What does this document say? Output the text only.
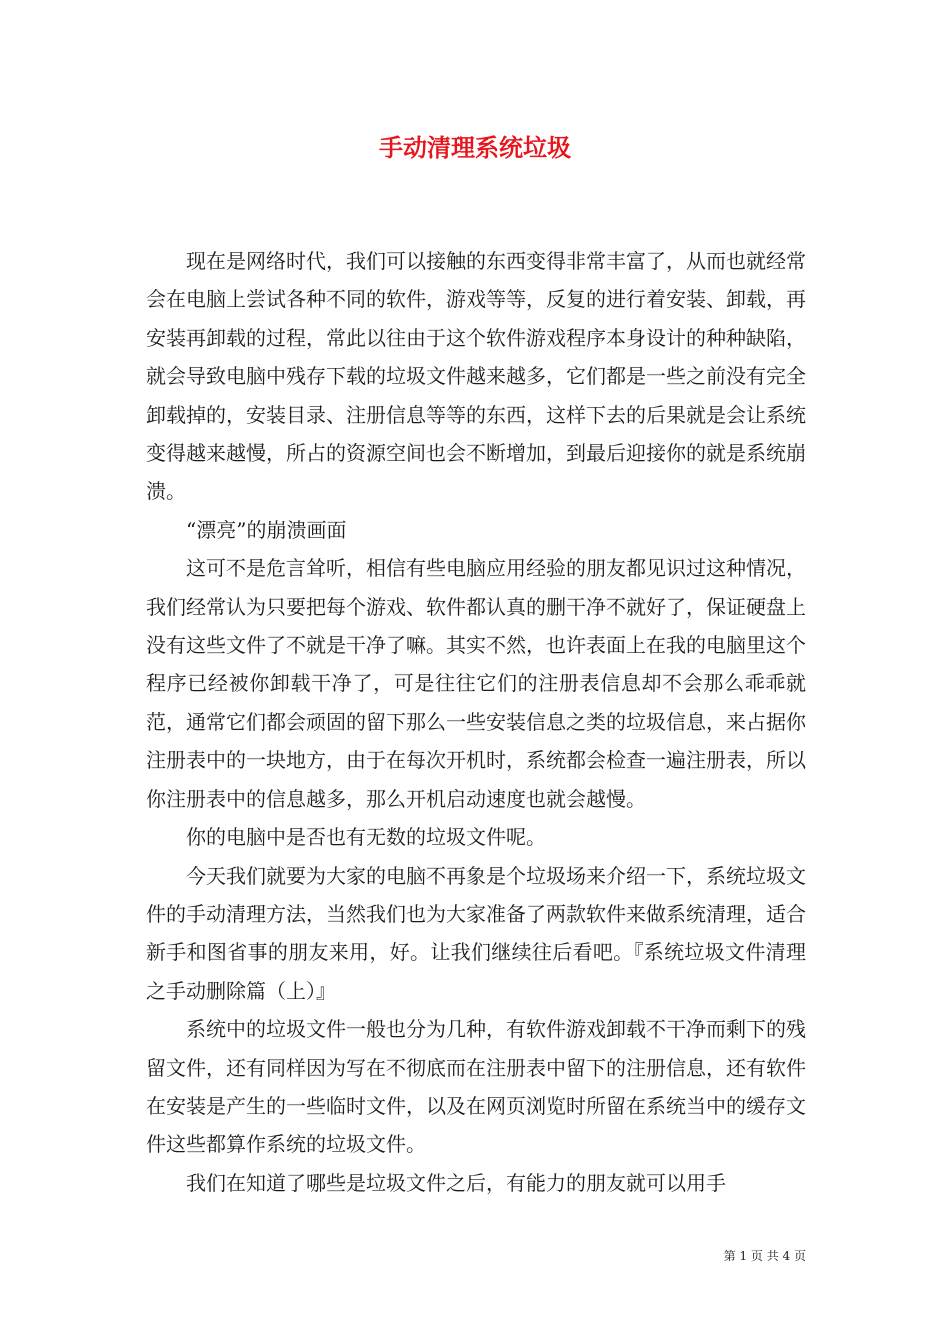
手动清理系统垃圾

现在是网络时代，我们可以接触的东西变得非常丰富了，从而也就经常会在电脑上尝试各种不同的软件，游戏等等，反复的进行着安装、卸载，再安装再卸载的过程，常此以往由于这个软件游戏程序本身设计的种种缺陷，就会导致电脑中残存下载的垃圾文件越来越多，它们都是一些之前没有完全卸载掉的，安装目录、注册信息等等的东西，这样下去的后果就是会让系统变得越来越慢，所占的资源空间也会不断增加，到最后迎接你的就是系统崩溃。

“漂亮”的崩溃画面

这可不是危言耸听，相信有些电脑应用经验的朋友都见识过这种情况，我们经常认为只要把每个游戏、软件都认真的删干净不就好了，保证硬盘上没有这些文件了不就是干净了嘛。其实不然，也许表面上在我的电脑里这个程序已经被你卸载干净了，可是往往它们的注册表信息却不会那么乖乖就范，通常它们都会顽固的留下那么一些安装信息之类的垃圾信息，来占据你注册表中的一块地方，由于在每次开机时，系统都会检查一遍注册表，所以你注册表中的信息越多，那么开机启动速度也就会越慢。

你的电脑中是否也有无数的垃圾文件呢。

今天我们就要为大家的电脑不再象是个垃圾场来介绍一下，系统垃圾文件的手动清理方法，当然我们也为大家准备了两款软件来做系统清理，适合新手和图省事的朋友来用，好。让我们继续往后看吧。『系统垃圾文件清理之手动删除篇（上）』

系统中的垃圾文件一般也分为几种，有软件游戏卸载不干净而剩下的残留文件，还有同样因为写在不彻底而在注册表中留下的注册信息，还有软件在安装是产生的一些临时文件，以及在网页浏览时所留在系统当中的缓存文件这些都算作系统的垃圾文件。

我们在知道了哪些是垃圾文件之后，有能力的朋友就可以用手

第 1 页 共 4 页
